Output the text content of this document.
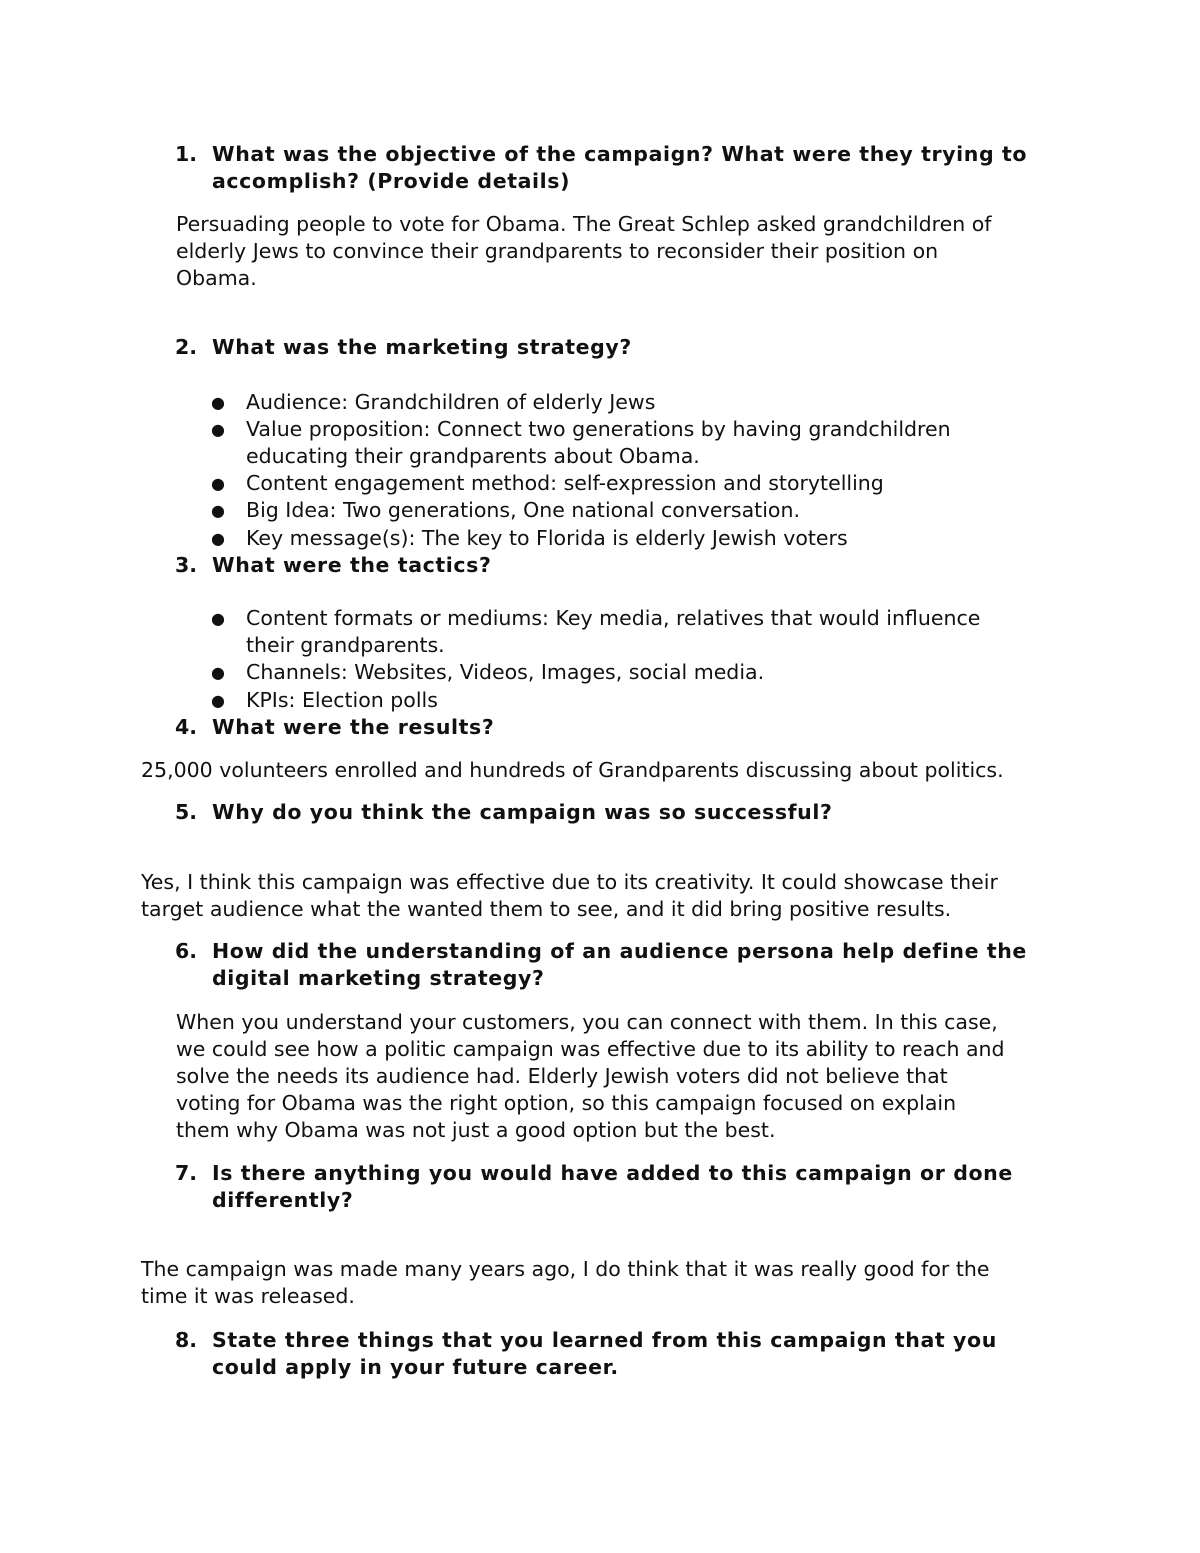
1. What was the objective of the campaign? What were they trying to
accomplish? (Provide details)
Persuading people to vote for Obama. The Great Schlep asked grandchildren of
elderly Jews to convince their grandparents to reconsider their position on
Obama.
2. What was the marketing strategy?
● Audience: Grandchildren of elderly Jews
● Value proposition: Connect two generations by having grandchildren
educating their grandparents about Obama.
● Content engagement method: self-expression and storytelling
● Big Idea: Two generations, One national conversation.
● Key message(s): The key to Florida is elderly Jewish voters
3. What were the tactics?
● Content formats or mediums: Key media, relatives that would influence
their grandparents.
● Channels: Websites, Videos, Images, social media.
● KPIs: Election polls
4. What were the results?
25,000 volunteers enrolled and hundreds of Grandparents discussing about politics.
5. Why do you think the campaign was so successful?
Yes, I think this campaign was effective due to its creativity. It could showcase their
target audience what the wanted them to see, and it did bring positive results.
6. How did the understanding of an audience persona help define the
digital marketing strategy?
When you understand your customers, you can connect with them. In this case,
we could see how a politic campaign was effective due to its ability to reach and
solve the needs its audience had. Elderly Jewish voters did not believe that
voting for Obama was the right option, so this campaign focused on explain
them why Obama was not just a good option but the best.
7. Is there anything you would have added to this campaign or done
differently?
The campaign was made many years ago, I do think that it was really good for the
time it was released.
8. State three things that you learned from this campaign that you
could apply in your future career.
